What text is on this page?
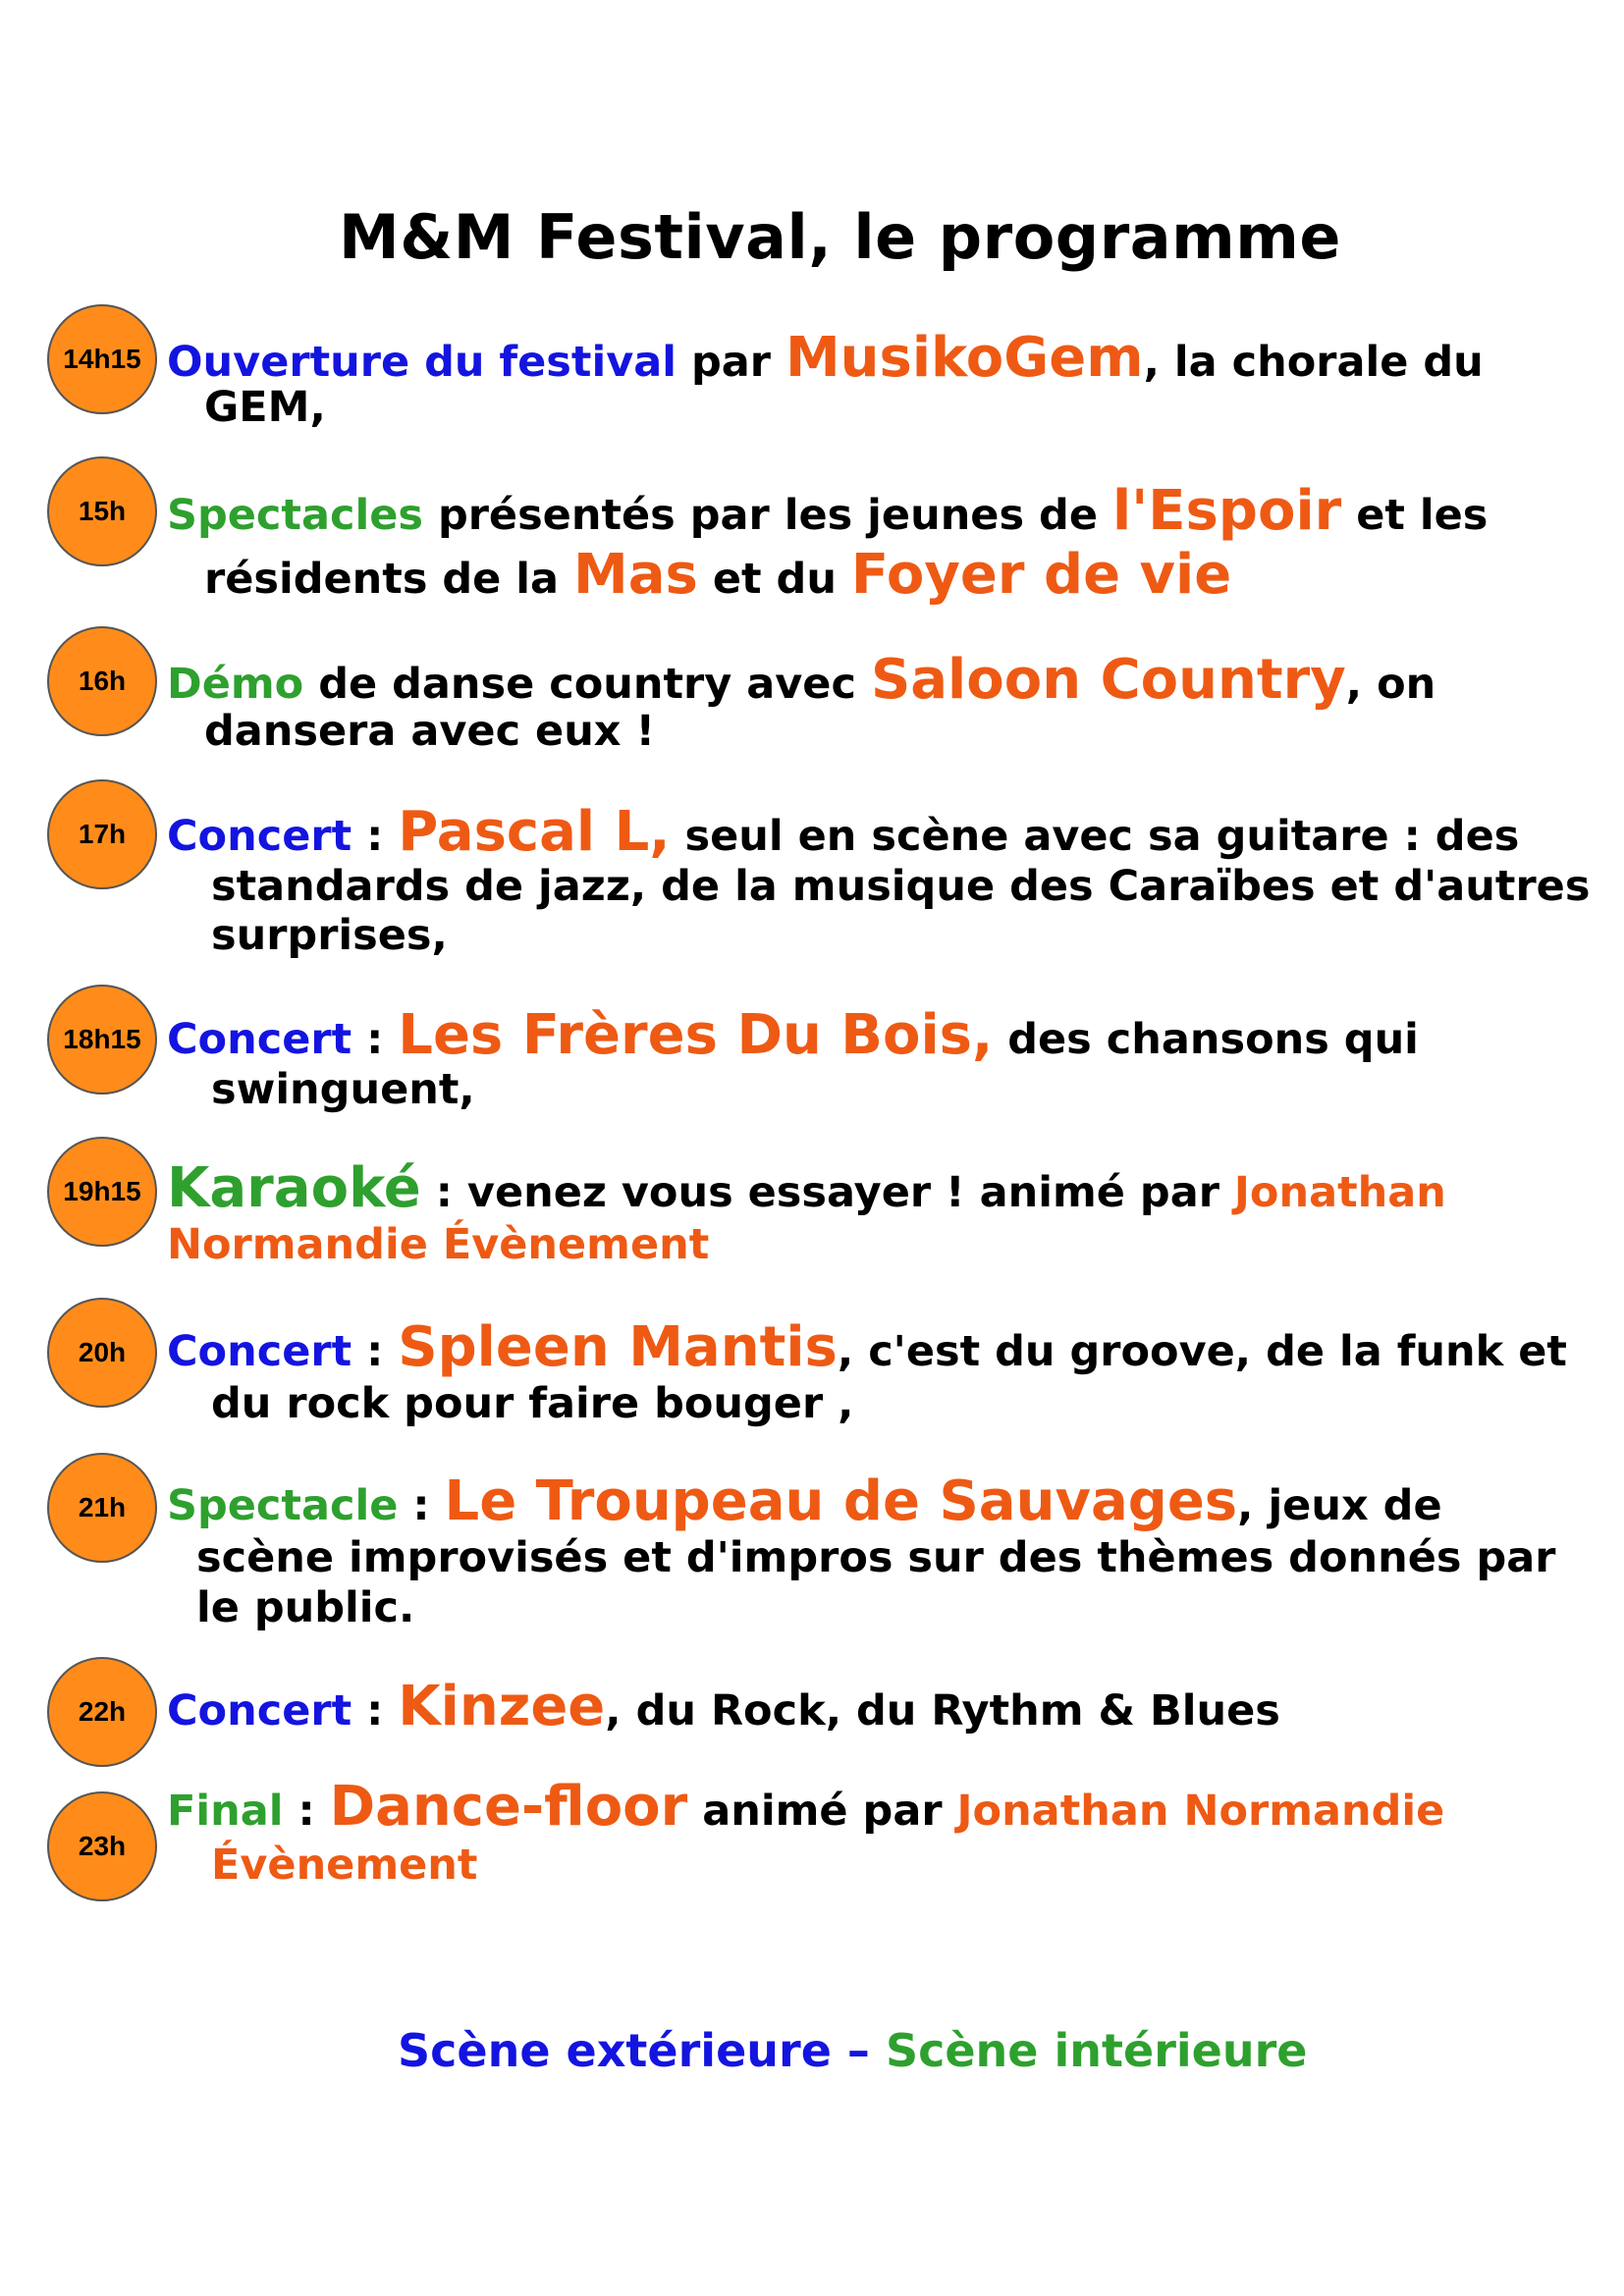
M&M Festival, le programme
14h15 Ouverture du festival par MusikoGem, la chorale du
GEM,
15h Spectacles présentés par les jeunes de l'Espoir et les
résidents de la Mas et du Foyer de vie
16h Démo de danse country avec Saloon Country, on
dansera avec eux !
17h Concert : Pascal L, seul en scène avec sa guitare : des
standards de jazz, de la musique des Caraïbes et d'autres
surprises,
18h15 Concert : Les Frères Du Bois, des chansons qui
swinguent,
19h15 Karaoké : venez vous essayer ! animé par Jonathan
Normandie Évènement
20h Concert : Spleen Mantis, c'est du groove, de la funk et
du rock pour faire bouger ,
21h Spectacle : Le Troupeau de Sauvages, jeux de
scène improvisés et d'impros sur des thèmes donnés par
le public.
22h Concert : Kinzee, du Rock, du Rythm & Blues
23h
Final : Dance-floor animé par Jonathan Normandie
Évènement
Scène extérieure – Scène intérieure
